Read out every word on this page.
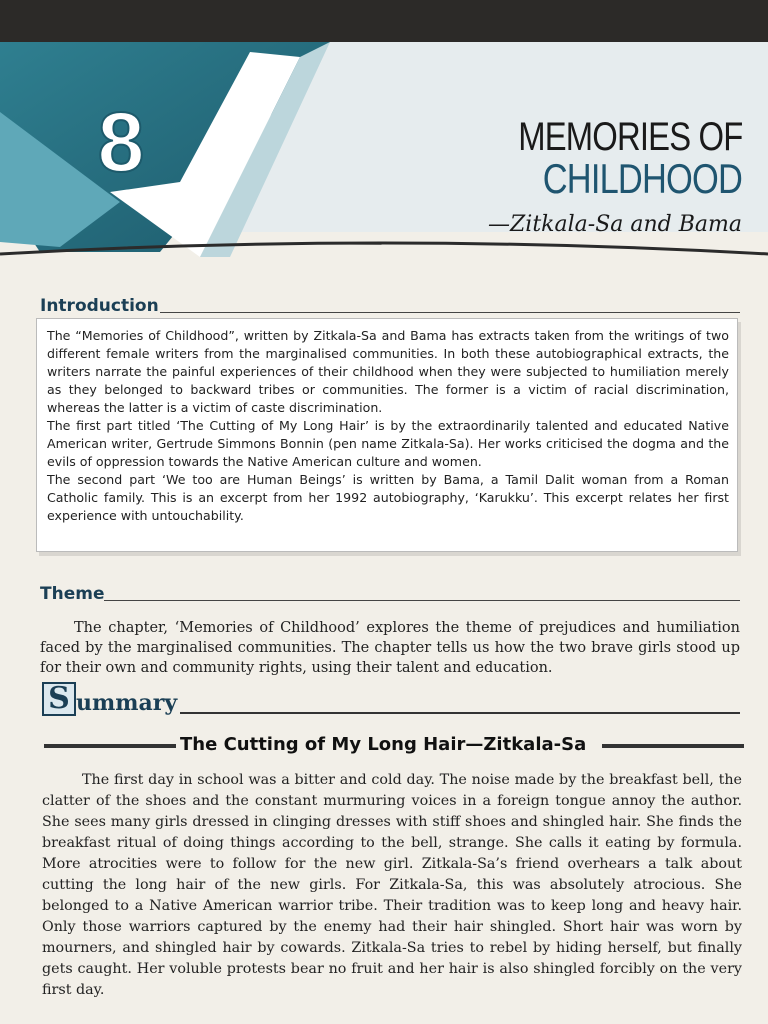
8	MEMORIES OF
CHILDHOOD
—Zitkala-Sa and Bama
Introduction

The “Memories of Childhood”, written by Zitkala-Sa and Bama has extracts taken from the writings of two different female writers from the marginalised communities. In both these autobiographical extracts, the writers narrate the painful experiences of their childhood when they were subjected to humiliation merely as they belonged to backward tribes or communities. The former is a victim of racial discrimination, whereas the latter is a victim of caste discrimination.

The first part titled ‘The Cutting of My Long Hair’ is by the extraordinarily talented and educated Native American writer, Gertrude Simmons Bonnin (pen name Zitkala-Sa). Her works criticised the dogma and the evils of oppression towards the Native American culture and women.

The second part ‘We too are Human Beings’ is written by Bama, a Tamil Dalit woman from a Roman Catholic family. This is an excerpt from her 1992 autobiography, ‘Karukku’. This excerpt relates her first experience with untouchability.

Theme

The chapter, ‘Memories of Childhood’ explores the theme of prejudices and humiliation faced by the marginalised communities. The chapter tells us how the two brave girls stood up for their own and community rights, using their talent and education.

S ummary
The Cutting of My Long Hair—Zitkala-Sa

The first day in school was a bitter and cold day. The noise made by the breakfast bell, the clatter of the shoes and the constant murmuring voices in a foreign tongue annoy the author. She sees many girls dressed in clinging dresses with stiff shoes and shingled hair. She finds the breakfast ritual of doing things according to the bell, strange. She calls it eating by formula. More atrocities were to follow for the new girl. Zitkala-Sa’s friend overhears a talk about cutting the long hair of the new girls. For Zitkala-Sa, this was absolutely atrocious. She belonged to a Native American warrior tribe. Their tradition was to keep long and heavy hair. Only those warriors captured by the enemy had their hair shingled. Short hair was worn by mourners, and shingled hair by cowards. Zitkala-Sa tries to rebel by hiding herself, but finally gets caught. Her voluble protests bear no fruit and her hair is also shingled forcibly on the very first day.
